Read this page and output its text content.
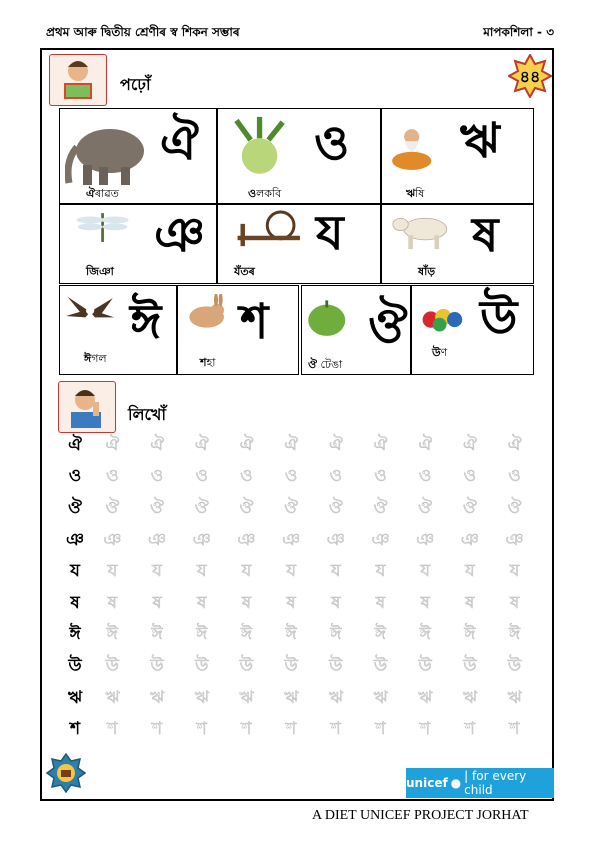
প্ৰথম আৰু দ্বিতীয় শ্ৰেণীৰ স্ব শিকন সম্ভাৰ	মাপকশিলা - ৩
৪৪
পঢ়োঁ
ঐ
ঐৰাৱত
ও
ওলকবি
ঋ
ঋষি
ঞ
জিঞা
য
যঁতৰ
ষ
ষাঁড়
ঈ
ঈগল
শ
শহা
ঔ
ঔ টেঙা
উ
উণ
লিখোঁ
ঐ	ঐ	ঐ	ঐ	ঐ	ঐ	ঐ	ঐ	ঐ	ঐ	ঐ
ও	ও	ও	ও	ও	ও	ও	ও	ও	ও	ও
ঔ	ঔ	ঔ	ঔ	ঔ	ঔ	ঔ	ঔ	ঔ	ঔ	ঔ
ঞ	ঞ	ঞ	ঞ	ঞ	ঞ	ঞ	ঞ	ঞ	ঞ	ঞ
য	য	য	য	য	য	য	য	য	য	য
ষ	ষ	ষ	ষ	ষ	ষ	ষ	ষ	ষ	ষ	ষ
ঈ	ঈ	ঈ	ঈ	ঈ	ঈ	ঈ	ঈ	ঈ	ঈ	ঈ
উ	উ	উ	উ	উ	উ	উ	উ	উ	উ	উ
ঋ	ঋ	ঋ	ঋ	ঋ	ঋ	ঋ	ঋ	ঋ	ঋ	ঋ
শ	শ	শ	শ	শ	শ	শ	শ	শ	শ	শ
unicef ● | for every child
A DIET UNICEF PROJECT JORHAT
